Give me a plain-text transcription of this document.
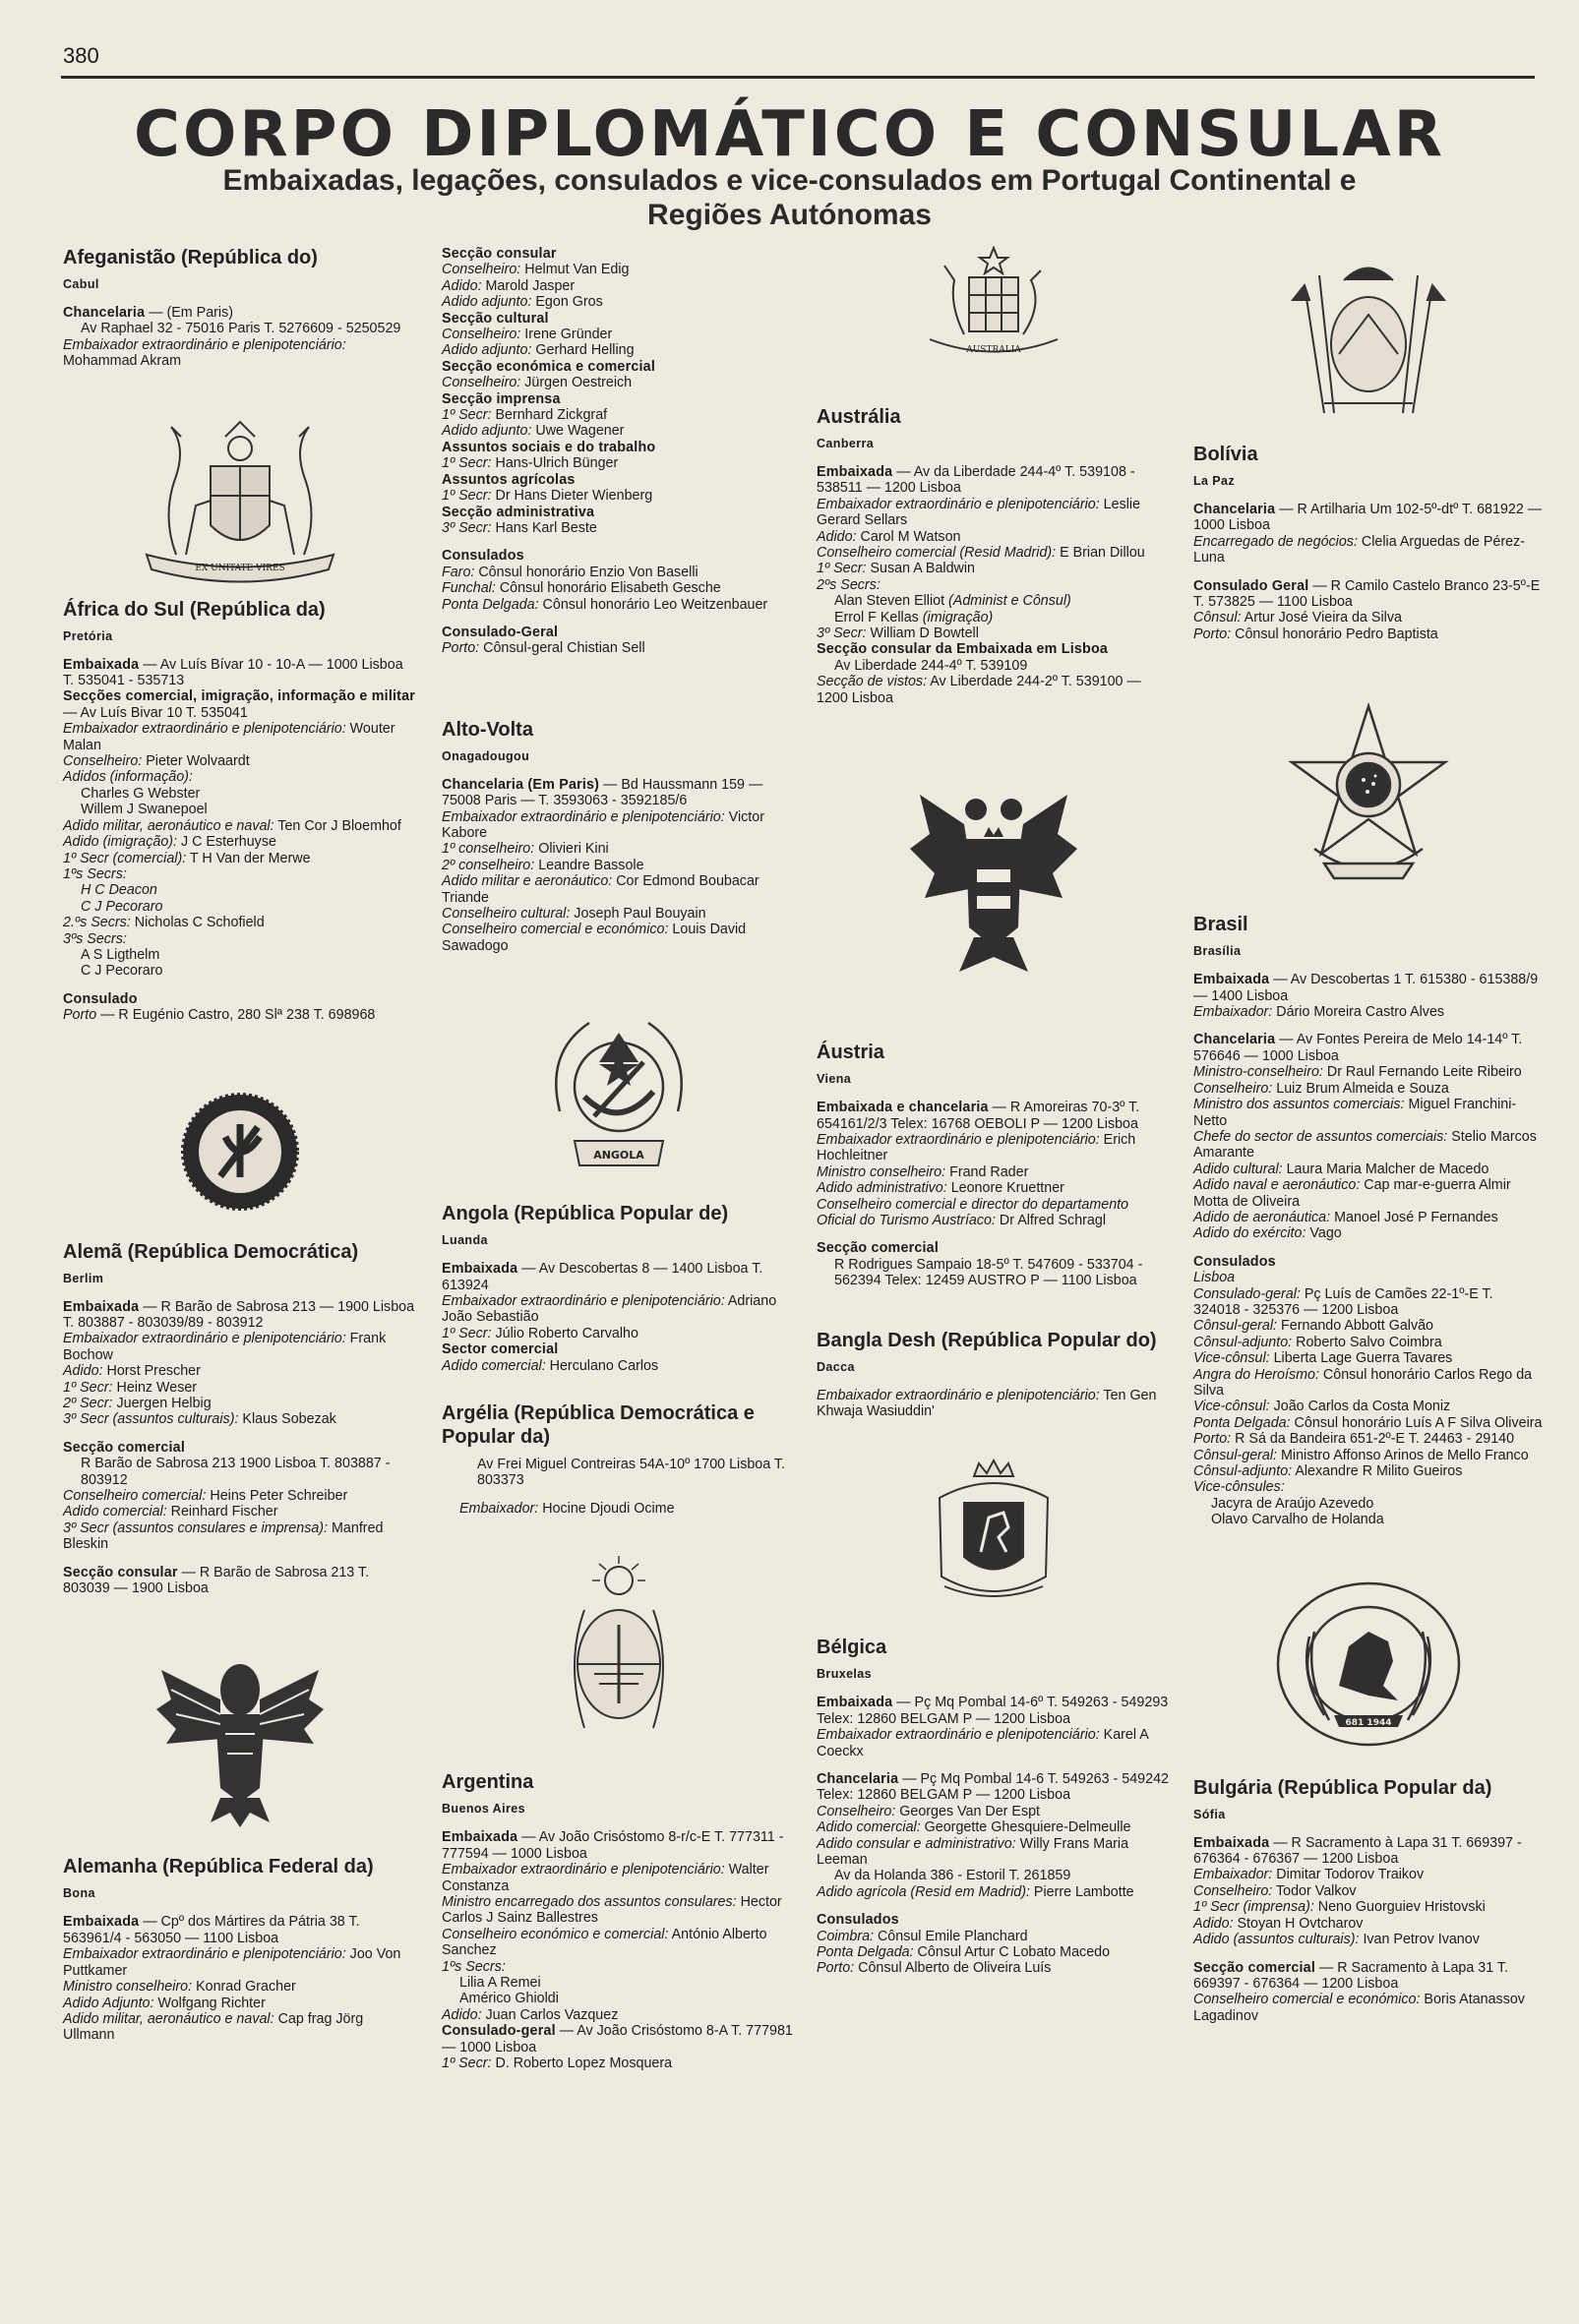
380
CORPO DIPLOMÁTICO E CONSULAR
Embaixadas, legações, consulados e vice-consulados em Portugal Continental e Regiões Autónomas
Afeganistão (República do)
Cabul

Chancelaria — (Em Paris)

Av Raphael 32 - 75016 Paris T. 5276609 - 5250529

Embaixador extraordinário e plenipotenciário: Mohammad Akram

EX UNITATE VIRES
África do Sul (República da)
Pretória

Embaixada — Av Luís Bívar 10 - 10-A — 1000 Lisboa T. 535041 - 535713

Secções comercial, imigração, informação e militar — Av Luís Bivar 10 T. 535041

Embaixador extraordinário e plenipotenciário: Wouter Malan

Conselheiro: Pieter Wolvaardt

Adidos (informação):

Charles G Webster

Willem J Swanepoel

Adido militar, aeronáutico e naval: Ten Cor J Bloemhof

Adido (imigração): J C Esterhuyse

1º Secr (comercial): T H Van der Merwe

1ºs Secrs:

H C Deacon

C J Pecoraro

2.ºs Secrs: Nicholas C Schofield

3ºs Secrs:

A S Ligthelm

C J Pecoraro

Consulado

Porto — R Eugénio Castro, 280 Slª 238 T. 698968

Alemã (República Democrática)
Berlim

Embaixada — R Barão de Sabrosa 213 — 1900 Lisboa T. 803887 - 803039/89 - 803912

Embaixador extraordinário e plenipotenciário: Frank Bochow

Adido: Horst Prescher

1º Secr: Heinz Weser

2º Secr: Juergen Helbig

3º Secr (assuntos culturais): Klaus Sobezak

Secção comercial

R Barão de Sabrosa 213 1900 Lisboa T. 803887 - 803912

Conselheiro comercial: Heins Peter Schreiber

Adido comercial: Reinhard Fischer

3º Secr (assuntos consulares e imprensa): Manfred Bleskin

Secção consular — R Barão de Sabrosa 213 T. 803039 — 1900 Lisboa

Alemanha (República Federal da)
Bona

Embaixada — Cpº dos Mártires da Pátria 38 T. 563961/4 - 563050 — 1100 Lisboa

Embaixador extraordinário e plenipotenciário: Joo Von Puttkamer

Ministro conselheiro: Konrad Gracher

Adido Adjunto: Wolfgang Richter

Adido militar, aeronáutico e naval: Cap frag Jörg Ullmann

Secção consular

Conselheiro: Helmut Van Edig

Adido: Marold Jasper

Adido adjunto: Egon Gros

Secção cultural

Conselheiro: Irene Gründer

Adido adjunto: Gerhard Helling

Secção económica e comercial

Conselheiro: Jürgen Oestreich

Secção imprensa

1º Secr: Bernhard Zickgraf

Adido adjunto: Uwe Wagener

Assuntos sociais e do trabalho

1º Secr: Hans-Ulrich Bünger

Assuntos agrícolas

1º Secr: Dr Hans Dieter Wienberg

Secção administrativa

3º Secr: Hans Karl Beste

Consulados

Faro: Cônsul honorário Enzio Von Baselli

Funchal: Cônsul honorário Elisabeth Gesche

Ponta Delgada: Cônsul honorário Leo Weitzenbauer

Consulado-Geral

Porto: Cônsul-geral Chistian Sell

Alto-Volta
Onagadougou

Chancelaria (Em Paris) — Bd Haussmann 159 — 75008 Paris — T. 3593063 - 3592185/6

Embaixador extraordinário e plenipotenciário: Victor Kabore

1º conselheiro: Olivieri Kini

2º conselheiro: Leandre Bassole

Adido militar e aeronáutico: Cor Edmond Boubacar Triande

Conselheiro cultural: Joseph Paul Bouyain

Conselheiro comercial e económico: Louis David Sawadogo

ANGOLA
Angola (República Popular de)
Luanda

Embaixada — Av Descobertas 8 — 1400 Lisboa T. 613924

Embaixador extraordinário e plenipotenciário: Adriano João Sebastião

1º Secr: Júlio Roberto Carvalho

Sector comercial

Adido comercial: Herculano Carlos

Argélia (República Democrática e Popular da)

Av Frei Miguel Contreiras 54A-10º 1700 Lisboa T. 803373

Embaixador: Hocine Djoudi Ocime

Argentina
Buenos Aires

Embaixada — Av João Crisóstomo 8-r/c-E T. 777311 - 777594 — 1000 Lisboa

Embaixador extraordinário e plenipotenciário: Walter Constanza

Ministro encarregado dos assuntos consulares: Hector Carlos J Sainz Ballestres

Conselheiro económico e comercial: António Alberto Sanchez

1ºs Secrs:

Lilia A Remei

Américo Ghioldi

Adido: Juan Carlos Vazquez

Consulado-geral — Av João Crisóstomo 8-A T. 777981 — 1000 Lisboa

1º Secr: D. Roberto Lopez Mosquera

AUSTRALIA
Austrália
Canberra

Embaixada — Av da Liberdade 244-4º T. 539108 - 538511 — 1200 Lisboa

Embaixador extraordinário e plenipotenciário: Leslie Gerard Sellars

Adido: Carol M Watson

Conselheiro comercial (Resid Madrid): E Brian Dillou

1º Secr: Susan A Baldwin

2ºs Secrs:

Alan Steven Elliot (Administ e Cônsul)

Errol F Kellas (imigração)

3º Secr: William D Bowtell

Secção consular da Embaixada em Lisboa

Av Liberdade 244-4º T. 539109

Secção de vistos: Av Liberdade 244-2º T. 539100 — 1200 Lisboa

Áustria
Viena

Embaixada e chancelaria — R Amoreiras 70-3º T. 654161/2/3 Telex: 16768 OEBOLI P — 1200 Lisboa

Embaixador extraordinário e plenipotenciário: Erich Hochleitner

Ministro conselheiro: Frand Rader

Adido administrativo: Leonore Kruettner

Conselheiro comercial e director do departamento Oficial do Turismo Austríaco: Dr Alfred Schragl

Secção comercial

R Rodrigues Sampaio 18-5º T. 547609 - 533704 - 562394 Telex: 12459 AUSTRO P — 1100 Lisboa

Bangla Desh (República Popular do)
Dacca

Embaixador extraordinário e plenipotenciário: Ten Gen Khwaja Wasiuddin'

Bélgica
Bruxelas

Embaixada — Pç Mq Pombal 14-6º T. 549263 - 549293 Telex: 12860 BELGAM P — 1200 Lisboa

Embaixador extraordinário e plenipotenciário: Karel A Coeckx

Chancelaria — Pç Mq Pombal 14-6 T. 549263 - 549242 Telex: 12860 BELGAM P — 1200 Lisboa

Conselheiro: Georges Van Der Espt

Adido comercial: Georgette Ghesquiere-Delmeulle

Adido consular e administrativo: Willy Frans Maria Leeman

Av da Holanda 386 - Estoril T. 261859

Adido agrícola (Resid em Madrid): Pierre Lambotte

Consulados

Coimbra: Cônsul Emile Planchard

Ponta Delgada: Cônsul Artur C Lobato Macedo

Porto: Cônsul Alberto de Oliveira Luís

Bolívia
La Paz

Chancelaria — R Artilharia Um 102-5º-dtº T. 681922 — 1000 Lisboa

Encarregado de negócios: Clelia Arguedas de Pérez-Luna

Consulado Geral — R Camilo Castelo Branco 23-5º-E T. 573825 — 1100 Lisboa

Cônsul: Artur José Vieira da Silva

Porto: Cônsul honorário Pedro Baptista

Brasil
Brasília

Embaixada — Av Descobertas 1 T. 615380 - 615388/9 — 1400 Lisboa

Embaixador: Dário Moreira Castro Alves

Chancelaria — Av Fontes Pereira de Melo 14-14º T. 576646 — 1000 Lisboa

Ministro-conselheiro: Dr Raul Fernando Leite Ribeiro

Conselheiro: Luiz Brum Almeida e Souza

Ministro dos assuntos comerciais: Miguel Franchini-Netto

Chefe do sector de assuntos comerciais: Stelio Marcos Amarante

Adido cultural: Laura Maria Malcher de Macedo

Adido naval e aeronáutico: Cap mar-e-guerra Almir Motta de Oliveira

Adido de aeronáutica: Manoel José P Fernandes

Adido do exército: Vago

Consulados

Lisboa

Consulado-geral: Pç Luís de Camões 22-1º-E T. 324018 - 325376 — 1200 Lisboa

Cônsul-geral: Fernando Abbott Galvão

Cônsul-adjunto: Roberto Salvo Coimbra

Vice-cônsul: Liberta Lage Guerra Tavares

Angra do Heroísmo: Cônsul honorário Carlos Rego da Silva

Vice-cônsul: João Carlos da Costa Moniz

Ponta Delgada: Cônsul honorário Luís A F Silva Oliveira

Porto: R Sá da Bandeira 651-2º-E T. 24463 - 29140

Cônsul-geral: Ministro Affonso Arinos de Mello Franco

Cônsul-adjunto: Alexandre R Milito Gueiros

Vice-cônsules:

Jacyra de Araújo Azevedo

Olavo Carvalho de Holanda

681 1944
Bulgária (República Popular da)
Sófia

Embaixada — R Sacramento à Lapa 31 T. 669397 - 676364 - 676367 — 1200 Lisboa

Embaixador: Dimitar Todorov Traikov

Conselheiro: Todor Valkov

1º Secr (imprensa): Neno Guorguiev Hristovski

Adido: Stoyan H Ovtcharov

Adido (assuntos culturais): Ivan Petrov Ivanov

Secção comercial — R Sacramento à Lapa 31 T. 669397 - 676364 — 1200 Lisboa

Conselheiro comercial e económico: Boris Atanassov Lagadinov
